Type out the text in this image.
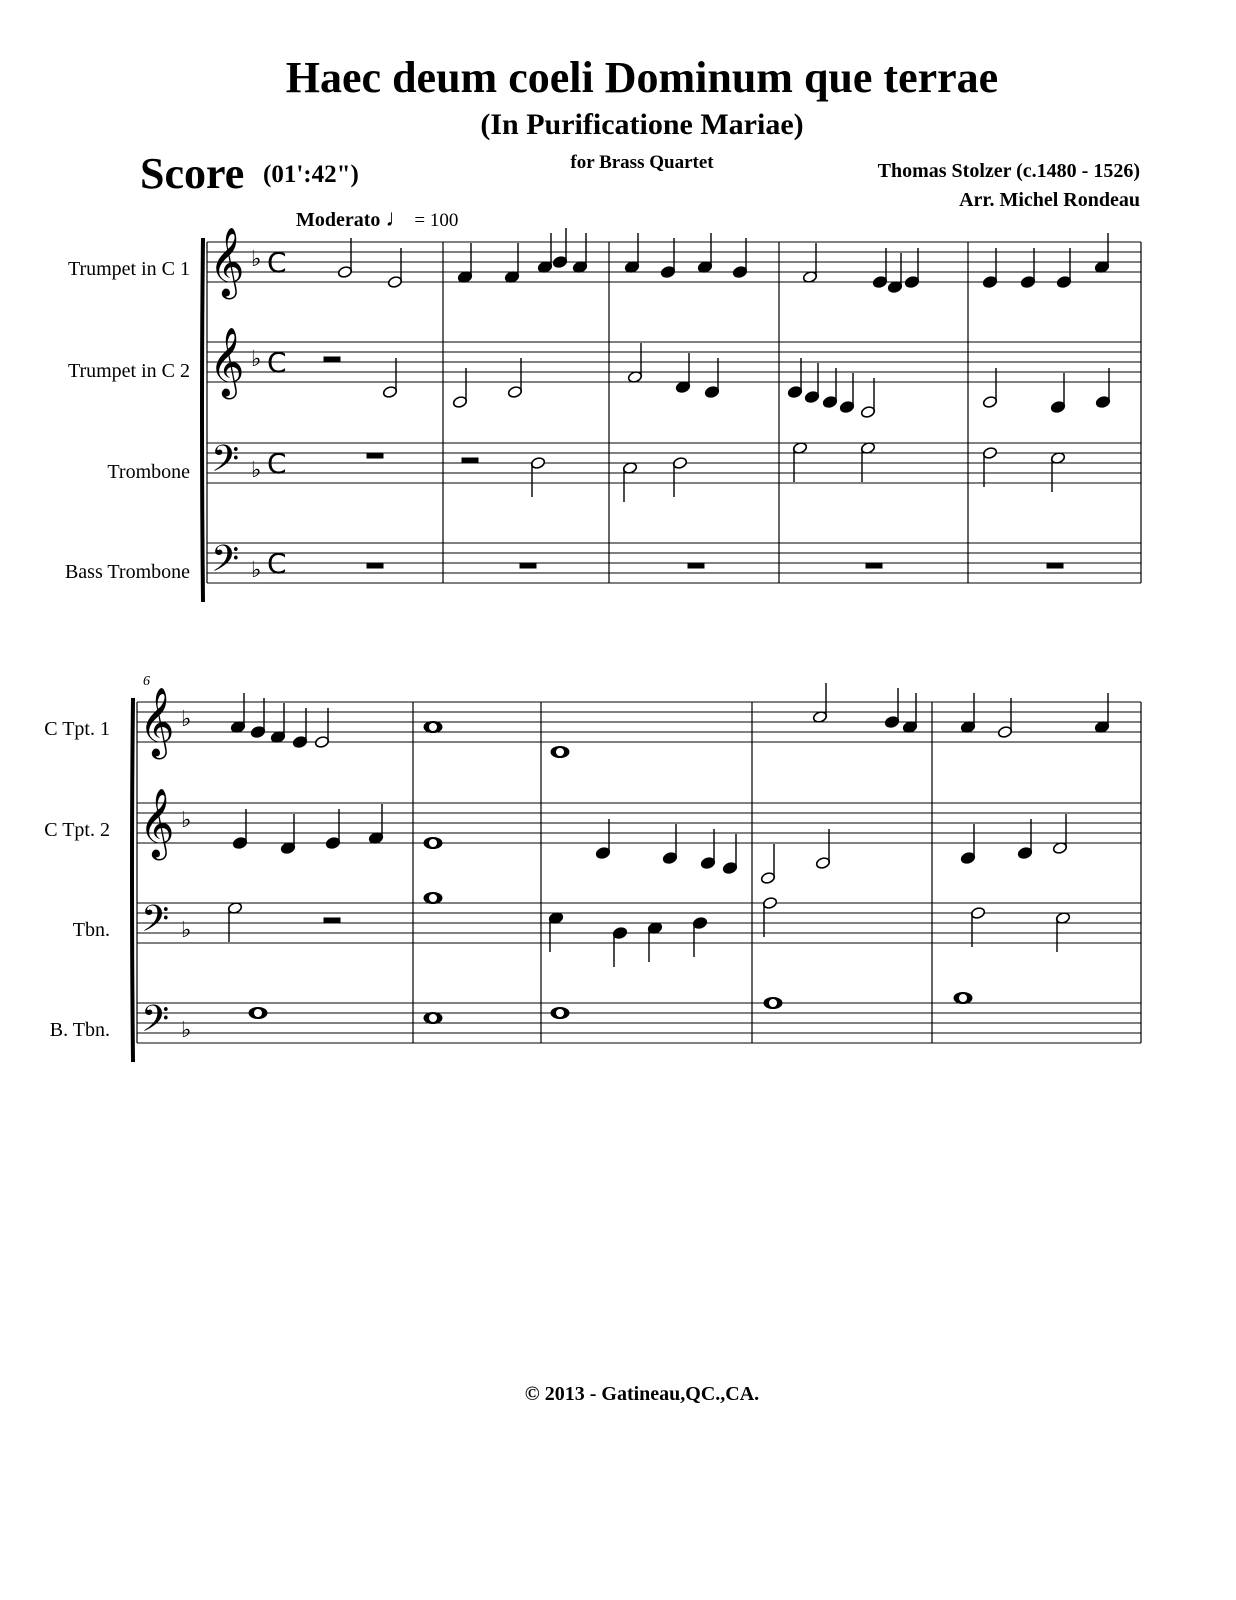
Haec deum coeli Dominum que terrae
(In Purificatione Mariae)
for Brass Quartet
Score (01':42")	Thomas Stolzer (c.1480 - 1526)
Arr. Michel Rondeau
Moderato ♩ = 100
Trumpet in C 1
Trumpet in C 2
Trombone
Bass Trombone
6
C Tpt. 1
C Tpt. 2
Tbn.
B. Tbn.
𝄞
𝄞
𝄢
𝄢
♭ C
♭ C
♭ C
♭ C
𝄞
𝄞
𝄢
𝄢
♭
♭
♭
♭
© 2013 - Gatineau,QC.,CA.
